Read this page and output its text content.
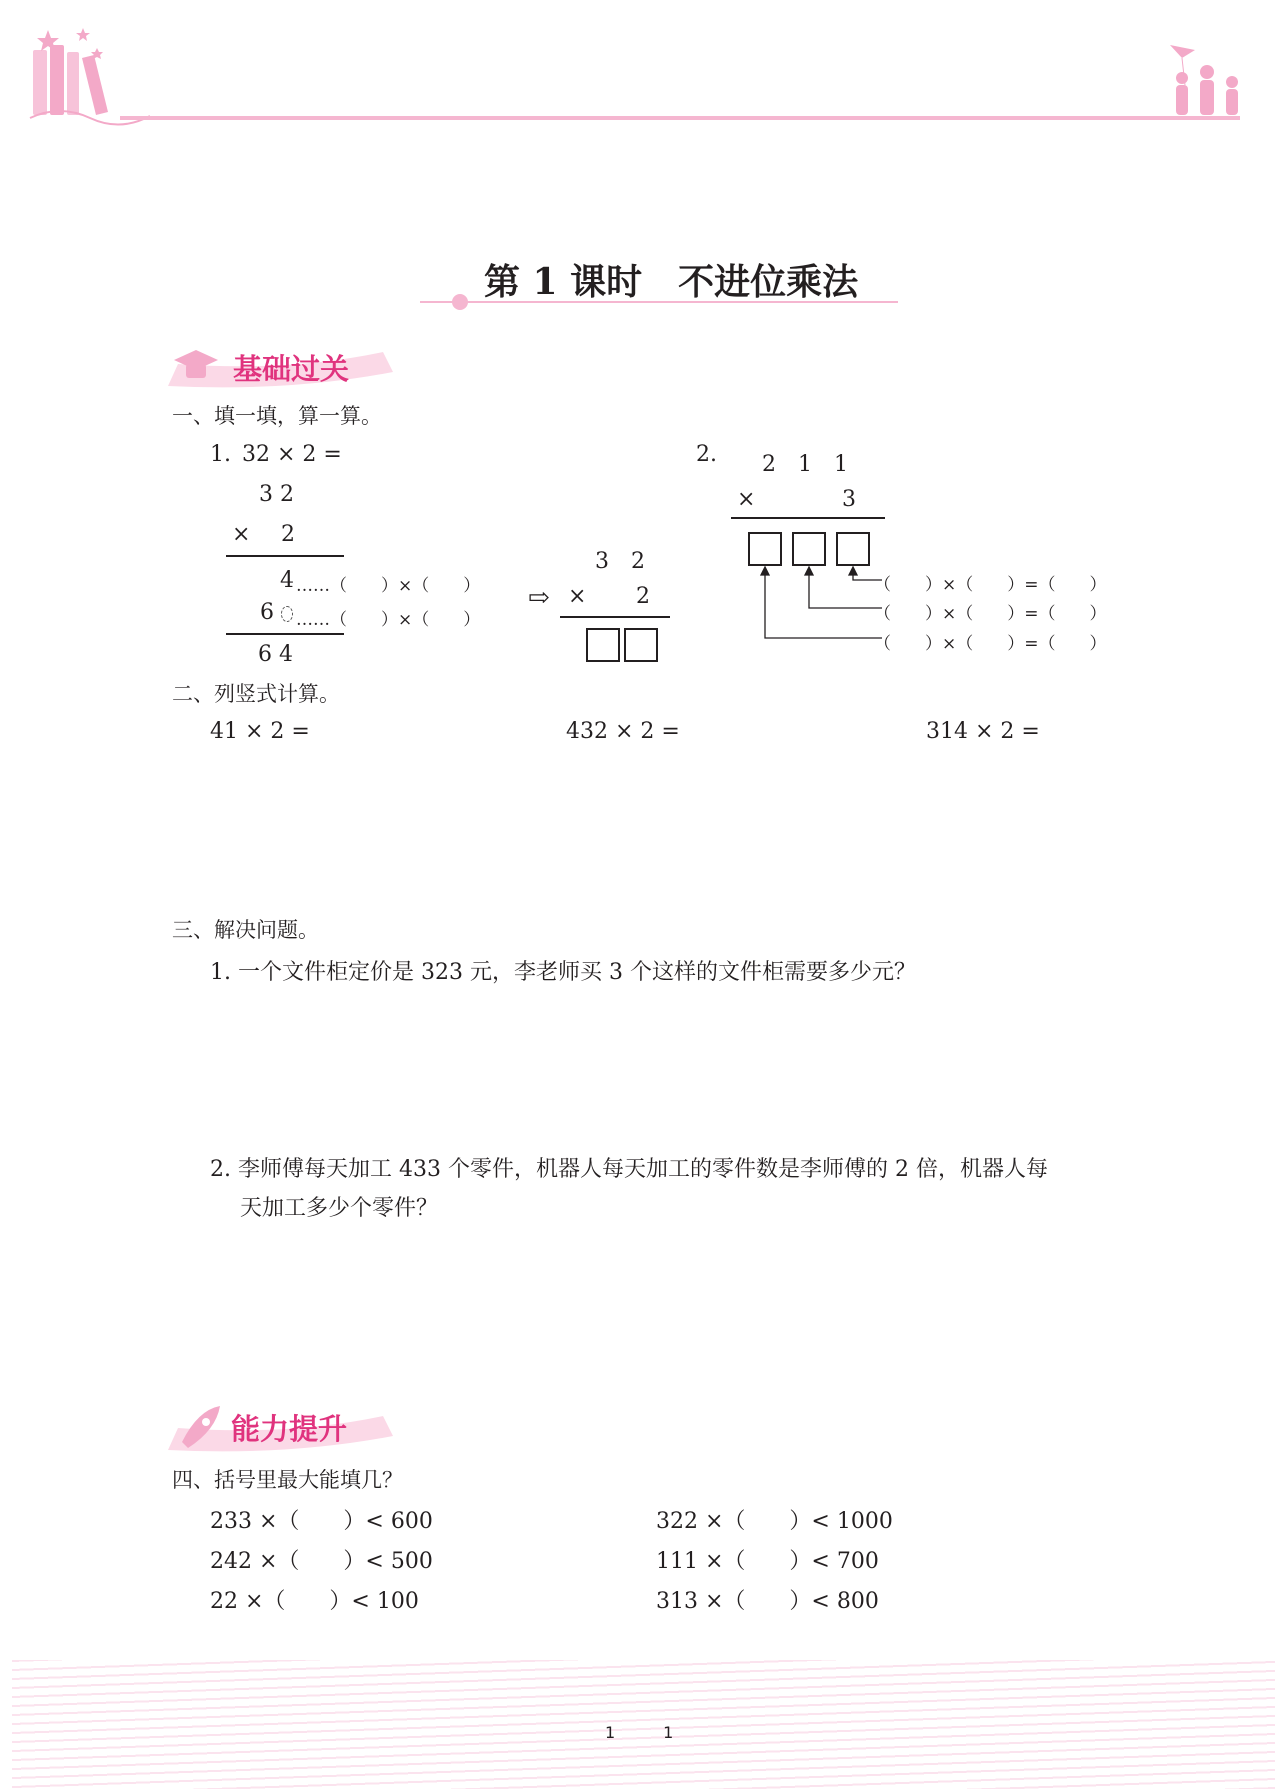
第 1 课时　不进位乘法
基础过关
一、填一填，算一算。
1. 32 × 2 =
3 2
× 2
4 ……（　　）×（　　）
6 ……（　　）×（　　）
6 4
⇨
3　2
× 2
2. 2　1　1
×	3
（　　）×（　　）=（　　）
（　　）×（　　）=（　　）
（　　）×（　　）=（　　）
二、列竖式计算。
41 × 2 =	432 × 2 =	314 × 2 =
三、解决问题。
1. 一个文件柜定价是 323 元，李老师买 3 个这样的文件柜需要多少元？
2. 李师傅每天加工 433 个零件，机器人每天加工的零件数是李师傅的 2 倍，机器人每
天加工多少个零件？
能力提升
四、括号里最大能填几？
233 ×（　　）< 600
242 ×（　　）< 500
22 ×（　　）< 100
322 ×（　　）< 1000
111 ×（　　）< 700
313 ×（　　）< 800
1　　　1
